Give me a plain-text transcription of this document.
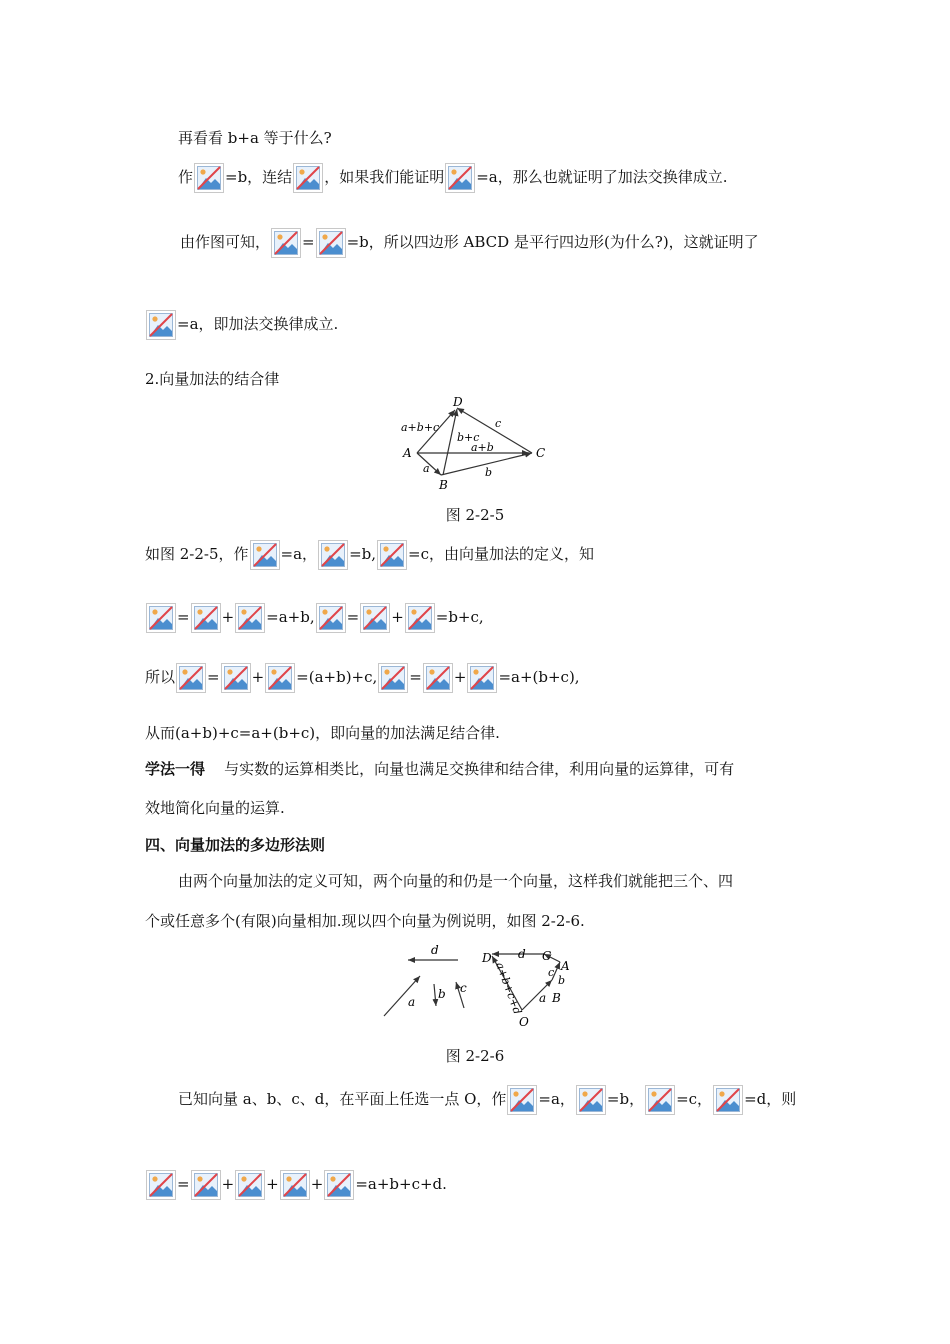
再看看 b+a 等于什么?
作 =b，连结 ，如果我们能证明 =a，那么也就证明了加法交换律成立.
由作图可知， = =b，所以四边形 ABCD 是平行四边形(为什么?)，这就证明了
=a，即加法交换律成立.
2.向量加法的结合律
A
B
C
D
a	b
c
a+b+c
b+c
a+b
图 2-2-5
如图 2-2-5，作 =a， =b, =c，由向量加法的定义，知
= + =a+b, = + =b+c,
所以 = + =(a+b)+c, = + =a+(b+c),
从而(a+b)+c=a+(b+c)，即向量的加法满足结合律.
学法一得 与实数的运算相类比，向量也满足交换律和结合律，利用向量的运算律，可有
效地简化向量的运算.
四、向量加法的多边形法则
由两个向量加法的定义可知，两个向量的和仍是一个向量，这样我们就能把三个、四
个或任意多个(有限)向量相加.现以四个向量为例说明，如图 2-2-6.
d
a
b c
D d C
c A
b
B
a
O
a+b+c+d
图 2-2-6
已知向量 a、b、c、d，在平面上任选一点 O，作 =a， =b， =c， =d，则
= + + + =a+b+c+d.
